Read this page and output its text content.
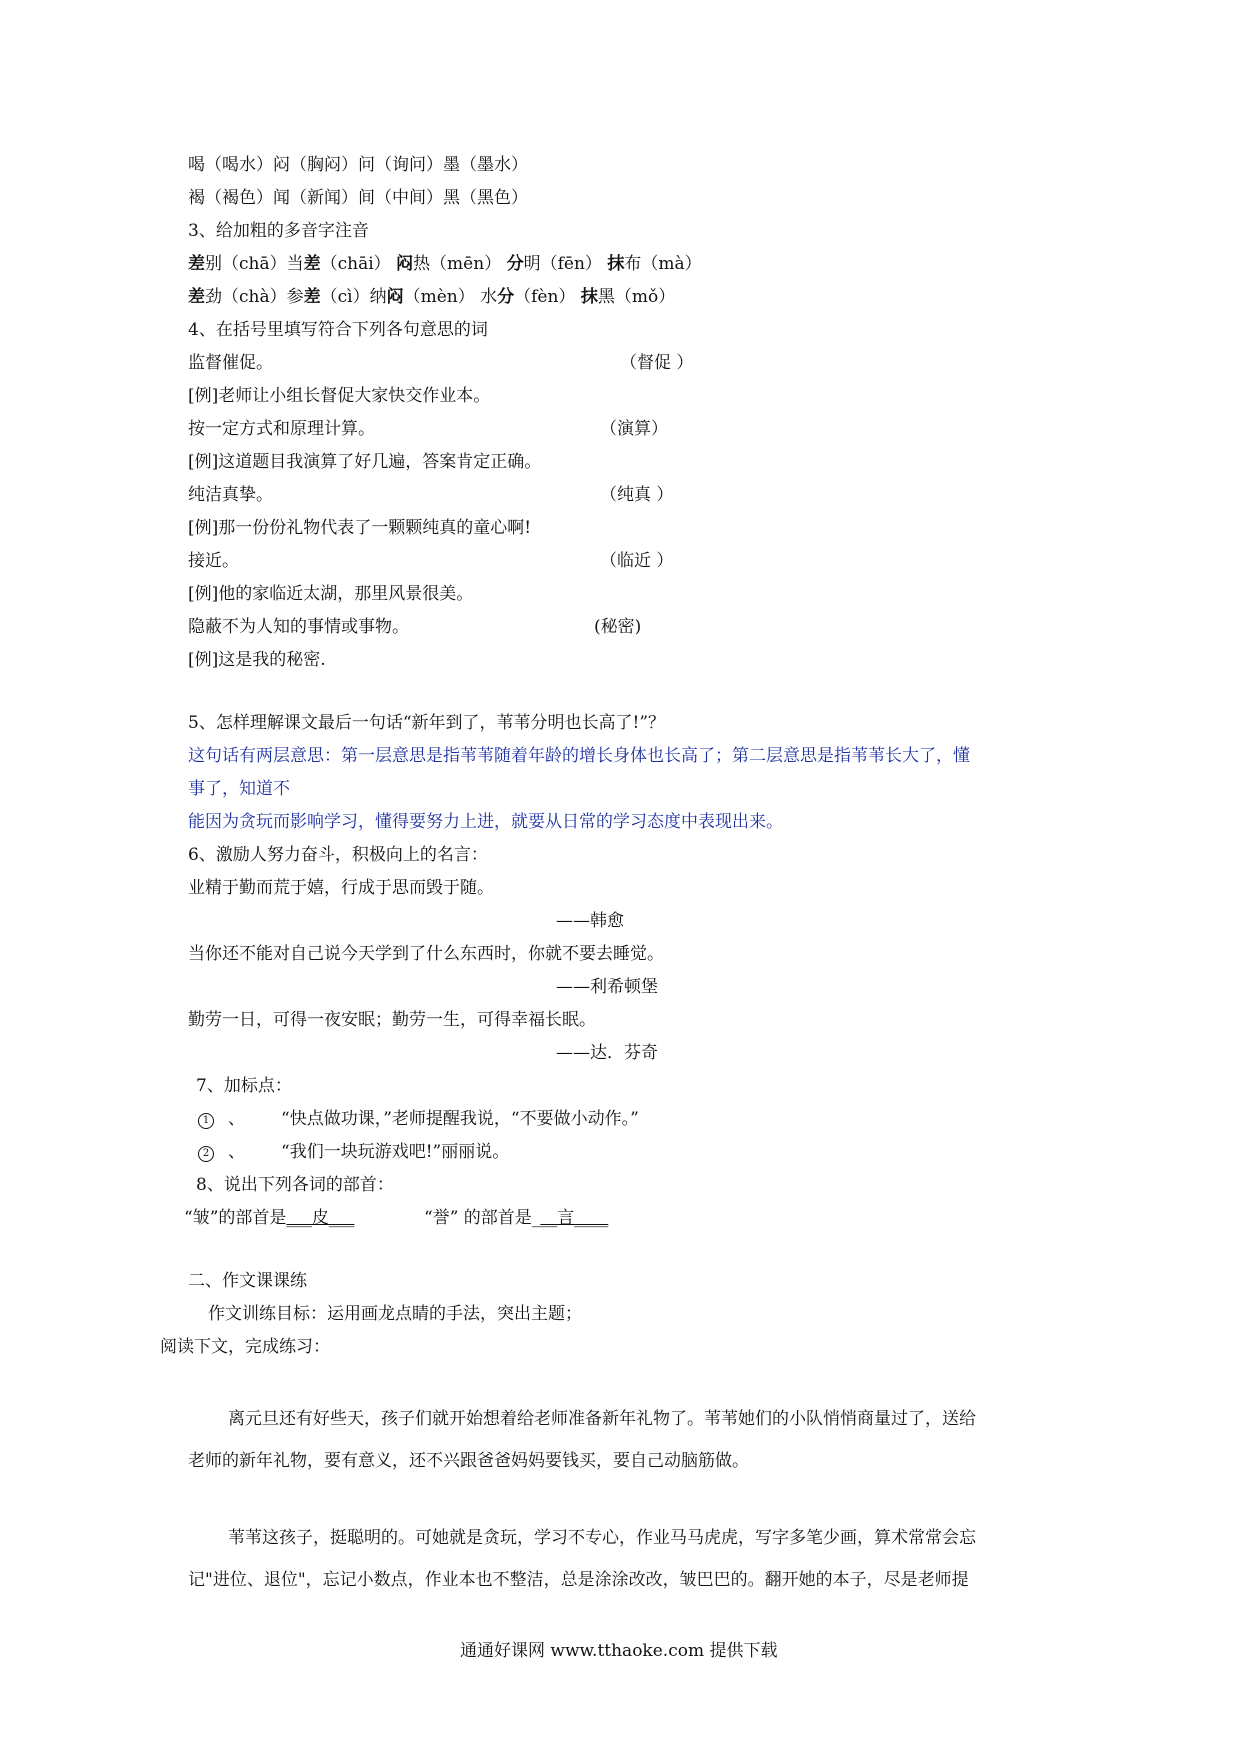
喝（喝水）闷（胸闷）问（询问）墨（墨水）
褐（褐色）闻（新闻）间（中间）黑（黑色）
3、给加粗的多音字注音
差别（chā）当差（chāi） 闷热（mēn） 分明（fēn） 抹布（mà）
差劲（chà）参差（cì）纳闷（mèn） 水分（fèn） 抹黑（mǒ）
4、在括号里填写符合下列各句意思的词
监督催促。	（督促 ）
[例]老师让小组长督促大家快交作业本。
按一定方式和原理计算。	（演算）
[例]这道题目我演算了好几遍，答案肯定正确。
纯洁真挚。	（纯真 ）
[例]那一份份礼物代表了一颗颗纯真的童心啊!
接近。	（临近 ）
[例]他的家临近太湖，那里风景很美。
隐蔽不为人知的事情或事物。	(秘密)
[例]这是我的秘密.
5、怎样理解课文最后一句话“新年到了，苇苇分明也长高了!”？
这句话有两层意思：第一层意思是指苇苇随着年龄的增长身体也长高了；第二层意思是指苇苇长大了，懂
事了，知道不
能因为贪玩而影响学习，懂得要努力上进，就要从日常的学习态度中表现出来。
6、激励人努力奋斗，积极向上的名言：
业精于勤而荒于嬉，行成于思而毁于随。
——韩愈
当你还不能对自己说今天学到了什么东西时，你就不要去睡觉。
——利希顿堡
勤劳一日，可得一夜安眠；勤劳一生，可得幸福长眠。
——达．芬奇
7、加标点：
1 、 “快点做功课，”老师提醒我说，“不要做小动作。”
2 、 “我们一块玩游戏吧!”丽丽说。
8、说出下列各词的部首：
“皱”的部首是___皮___	“誉” 的部首是___言____
二、作文课课练
作文训练目标：运用画龙点睛的手法，突出主题；
阅读下文，完成练习：
离元旦还有好些天，孩子们就开始想着给老师准备新年礼物了。苇苇她们的小队悄悄商量过了，送给
老师的新年礼物，要有意义，还不兴跟爸爸妈妈要钱买，要自己动脑筋做。
苇苇这孩子，挺聪明的。可她就是贪玩，学习不专心，作业马马虎虎，写字多笔少画，算术常常会忘
记"进位、退位"，忘记小数点，作业本也不整洁，总是涂涂改改，皱巴巴的。翻开她的本子，尽是老师提
通通好课网 www.tthaoke.com 提供下载
